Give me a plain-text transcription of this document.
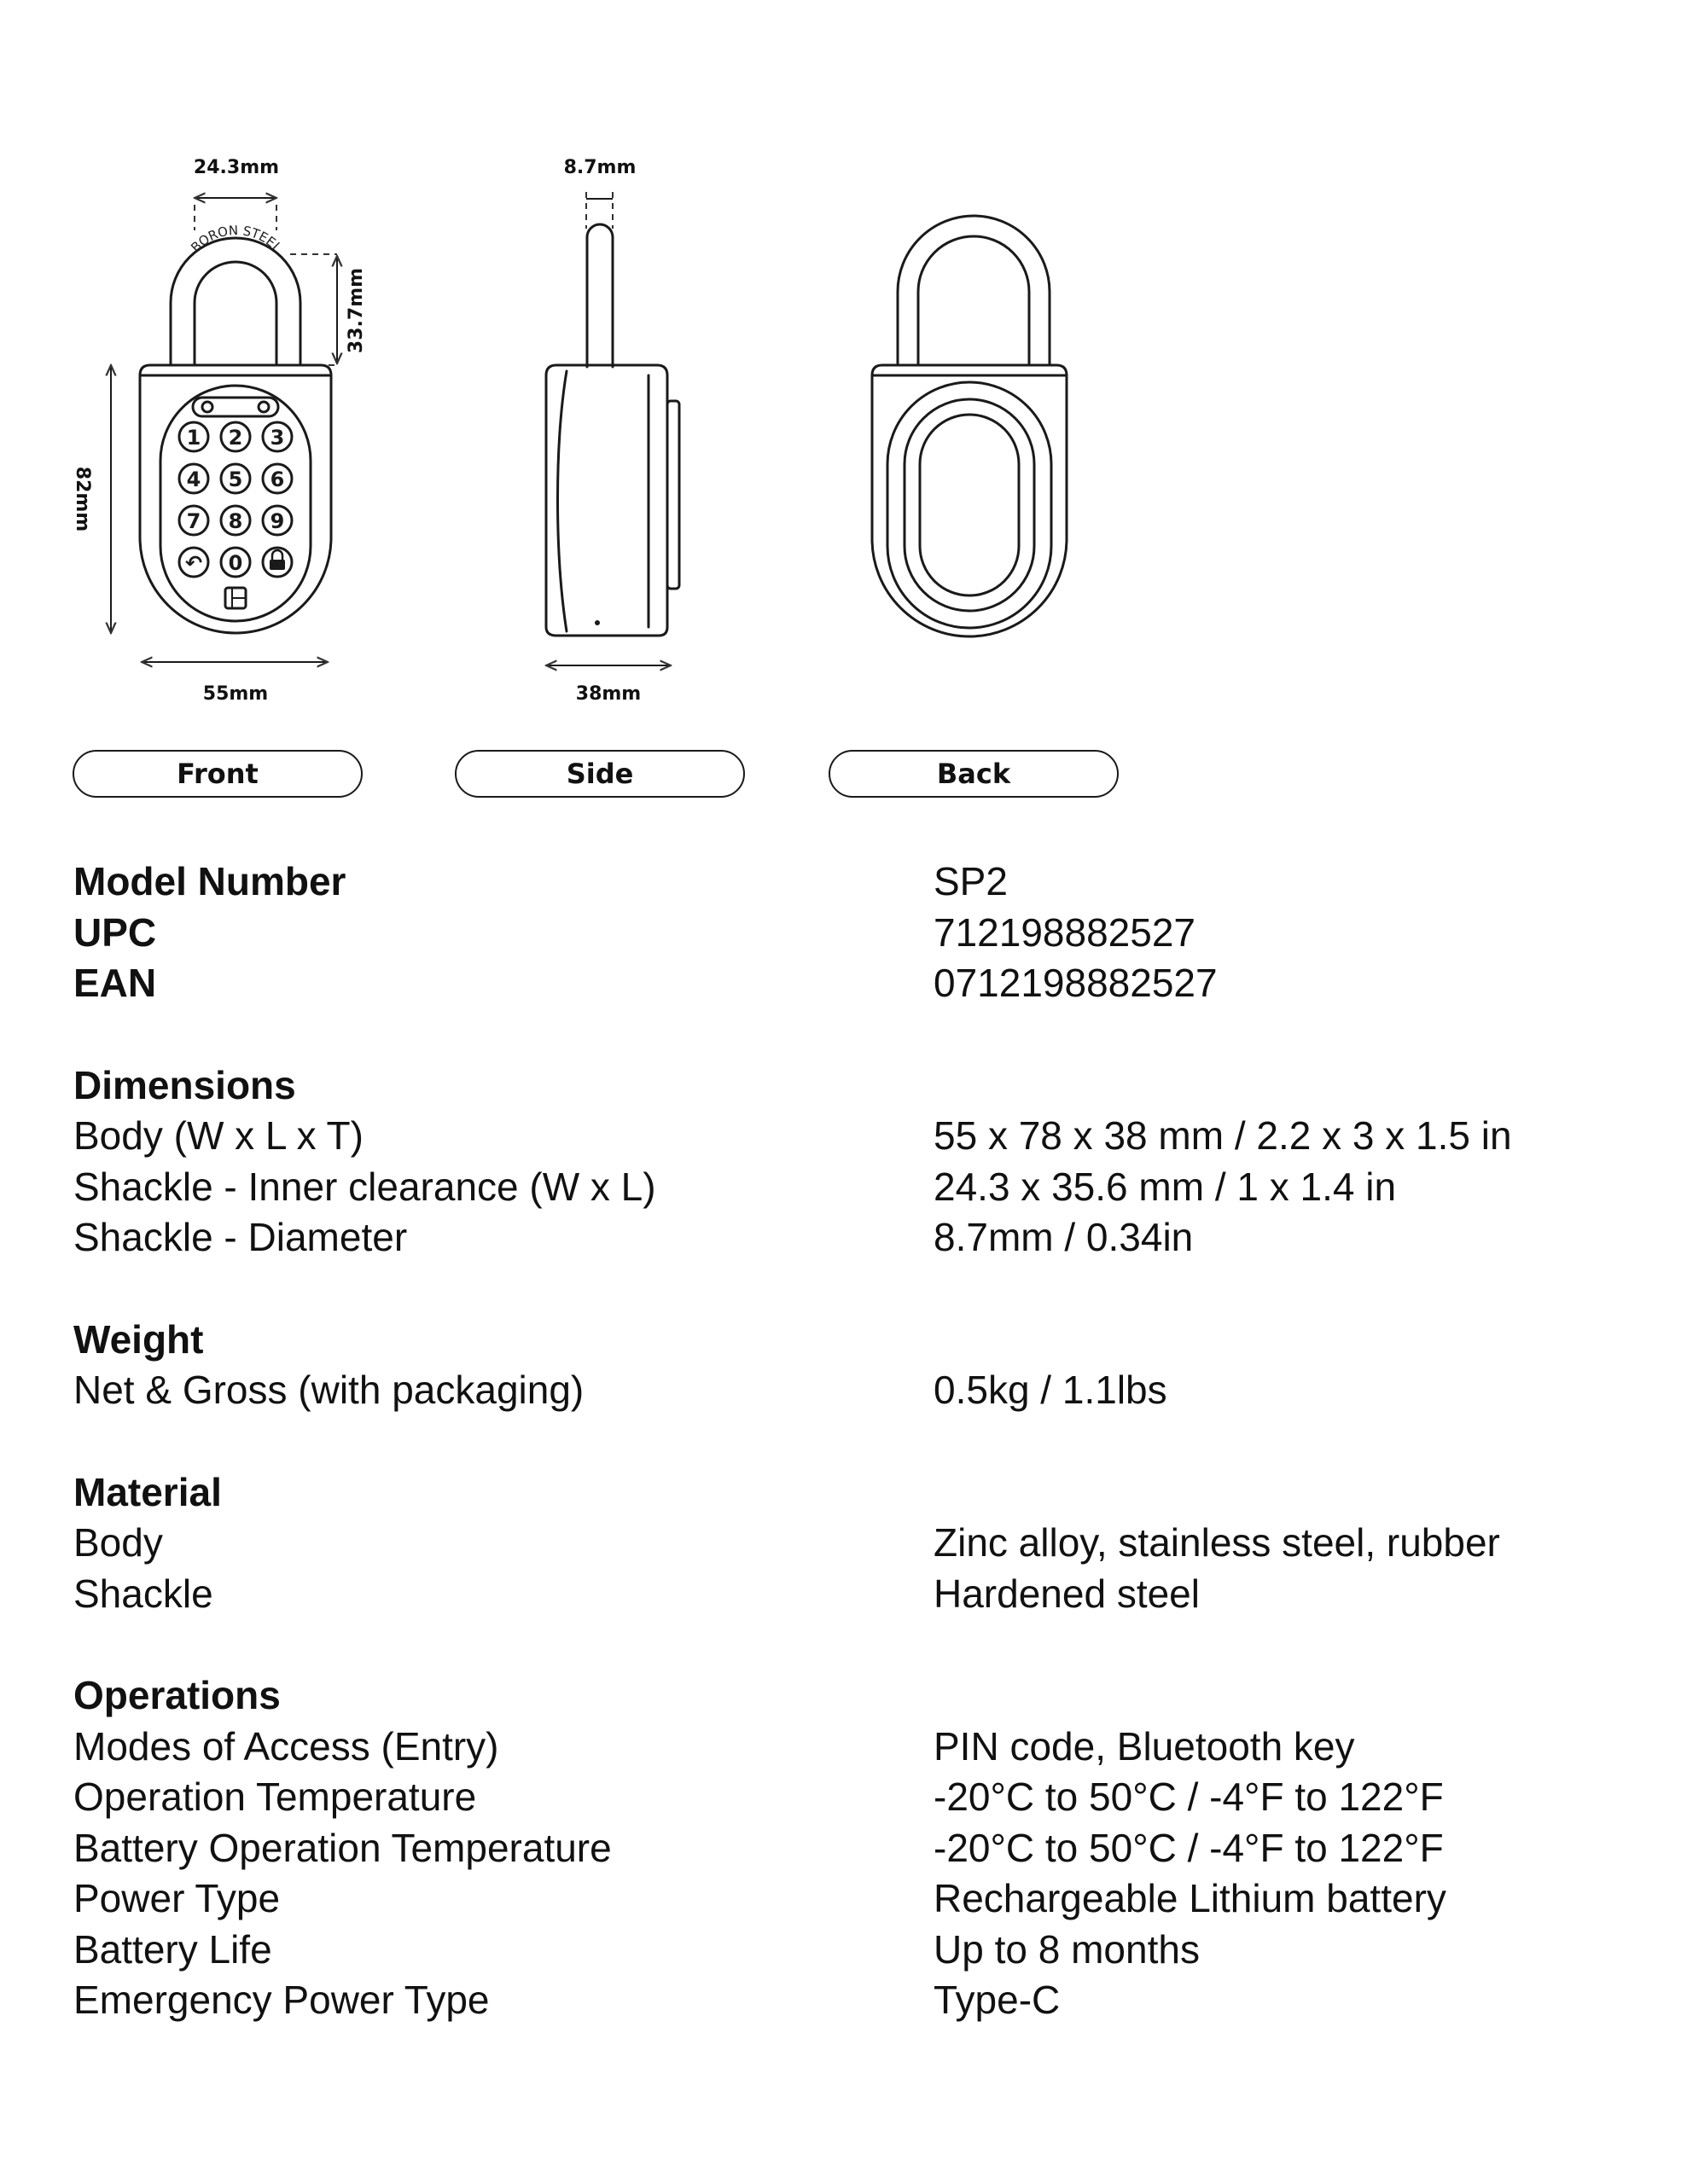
24.3mm
BORON STEEL
33.7mm
1 2 3
4 5 6
7 8 9
↶ 0
82mm
55mm
8.7mm
38mm
Front	Side	Back
Model Number	SP2
UPC	712198882527
EAN	0712198882527
Dimensions
Body (W x L x T)	55 x 78 x 38 mm / 2.2 x 3 x 1.5 in
Shackle - Inner clearance (W x L)	24.3 x 35.6 mm / 1 x 1.4 in
Shackle - Diameter	8.7mm / 0.34in
Weight
Net & Gross (with packaging)	0.5kg / 1.1lbs
Material
Body	Zinc alloy, stainless steel, rubber
Shackle	Hardened steel
Operations
Modes of Access (Entry)	PIN code, Bluetooth key
Operation Temperature	-20°C to 50°C / -4°F to 122°F
Battery Operation Temperature	-20°C to 50°C / -4°F to 122°F
Power Type	Rechargeable Lithium battery
Battery Life	Up to 8 months
Emergency Power Type	Type-C
